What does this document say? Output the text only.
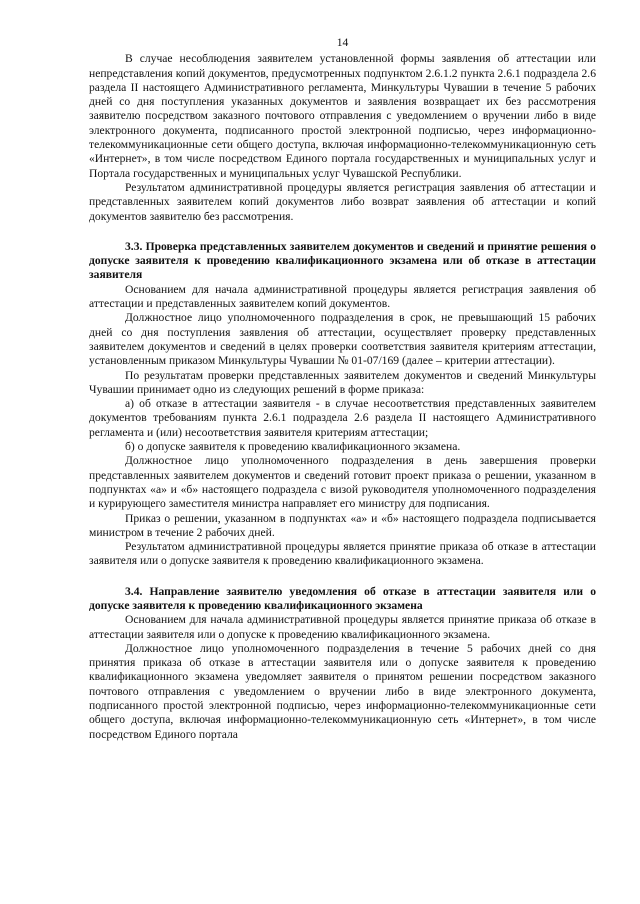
14

В случае несоблюдения заявителем установленной формы заявления об аттестации или непредставления копий документов, предусмотренных подпунктом 2.6.1.2 пункта 2.6.1 подраздела 2.6 раздела II настоящего Административного регламента, Минкультуры Чувашии в течение 5 рабочих дней со дня поступления указанных документов и заявления возвращает их без рассмотрения заявителю посредством заказного почтового отправления с уведомлением о вручении либо в виде электронного документа, подписанного простой электронной подписью, через информационно-телекоммуникационные сети общего доступа, включая информационно-телекоммуникационную сеть «Интернет», в том числе посредством Единого портала государственных и муниципальных услуг и Портала государственных и муниципальных услуг Чувашской Республики.

Результатом административной процедуры является регистрация заявления об аттестации и представленных заявителем копий документов либо возврат заявления об аттестации и копий документов заявителю без рассмотрения.

3.3. Проверка представленных заявителем документов и сведений и принятие решения о допуске заявителя к проведению квалификационного экзамена или об отказе в аттестации заявителя

Основанием для начала административной процедуры является регистрация заявления об аттестации и представленных заявителем копий документов.

Должностное лицо уполномоченного подразделения в срок, не превышающий 15 рабочих дней со дня поступления заявления об аттестации, осуществляет проверку представленных заявителем документов и сведений в целях проверки соответствия заявителя критериям аттестации, установленным приказом Минкультуры Чувашии № 01-07/169 (далее – критерии аттестации).

По результатам проверки представленных заявителем документов и сведений Минкультуры Чувашии принимает одно из следующих решений в форме приказа:

а) об отказе в аттестации заявителя - в случае несоответствия представленных заявителем документов требованиям пункта 2.6.1 подраздела 2.6 раздела II настоящего Административного регламента и (или) несоответствия заявителя критериям аттестации;

б) о допуске заявителя к проведению квалификационного экзамена.

Должностное лицо уполномоченного подразделения в день завершения проверки представленных заявителем документов и сведений готовит проект приказа о решении, указанном в подпунктах «а» и «б» настоящего подраздела с визой руководителя уполномоченного подразделения и курирующего заместителя министра направляет его министру для подписания.

Приказ о решении, указанном в подпунктах «а» и «б» настоящего подраздела подписывается министром в течение 2 рабочих дней.

Результатом административной процедуры является принятие приказа об отказе в аттестации заявителя или о допуске заявителя к проведению квалификационного экзамена.

3.4. Направление заявителю уведомления об отказе в аттестации заявителя или о допуске заявителя к проведению квалификационного экзамена

Основанием для начала административной процедуры является принятие приказа об отказе в аттестации заявителя или о допуске к проведению квалификационного экзамена.

Должностное лицо уполномоченного подразделения в течение 5 рабочих дней со дня принятия приказа об отказе в аттестации заявителя или о допуске заявителя к проведению квалификационного экзамена уведомляет заявителя о принятом решении посредством заказного почтового отправления с уведомлением о вручении либо в виде электронного документа, подписанного простой электронной подписью, через информационно-телекоммуникационные сети общего доступа, включая информационно-телекоммуникационную сеть «Интернет», в том числе посредством Единого портала
